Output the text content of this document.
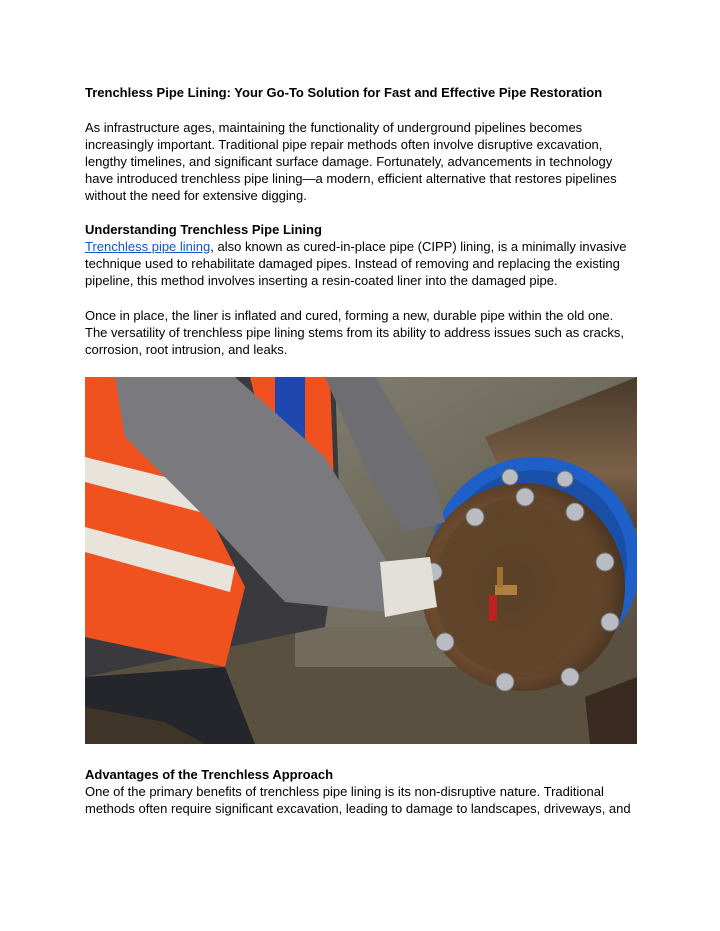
Trenchless Pipe Lining: Your Go-To Solution for Fast and Effective Pipe Restoration

As infrastructure ages, maintaining the functionality of underground pipelines becomes

increasingly important. Traditional pipe repair methods often involve disruptive excavation,

lengthy timelines, and significant surface damage. Fortunately, advancements in technology

have introduced trenchless pipe lining—a modern, efficient alternative that restores pipelines

without the need for extensive digging.

Understanding Trenchless Pipe Lining

Trenchless pipe lining, also known as cured-in-place pipe (CIPP) lining, is a minimally invasive

technique used to rehabilitate damaged pipes. Instead of removing and replacing the existing

pipeline, this method involves inserting a resin-coated liner into the damaged pipe.

Once in place, the liner is inflated and cured, forming a new, durable pipe within the old one.

The versatility of trenchless pipe lining stems from its ability to address issues such as cracks,

corrosion, root intrusion, and leaks.

Advantages of the Trenchless Approach

One of the primary benefits of trenchless pipe lining is its non-disruptive nature. Traditional

methods often require significant excavation, leading to damage to landscapes, driveways, and
